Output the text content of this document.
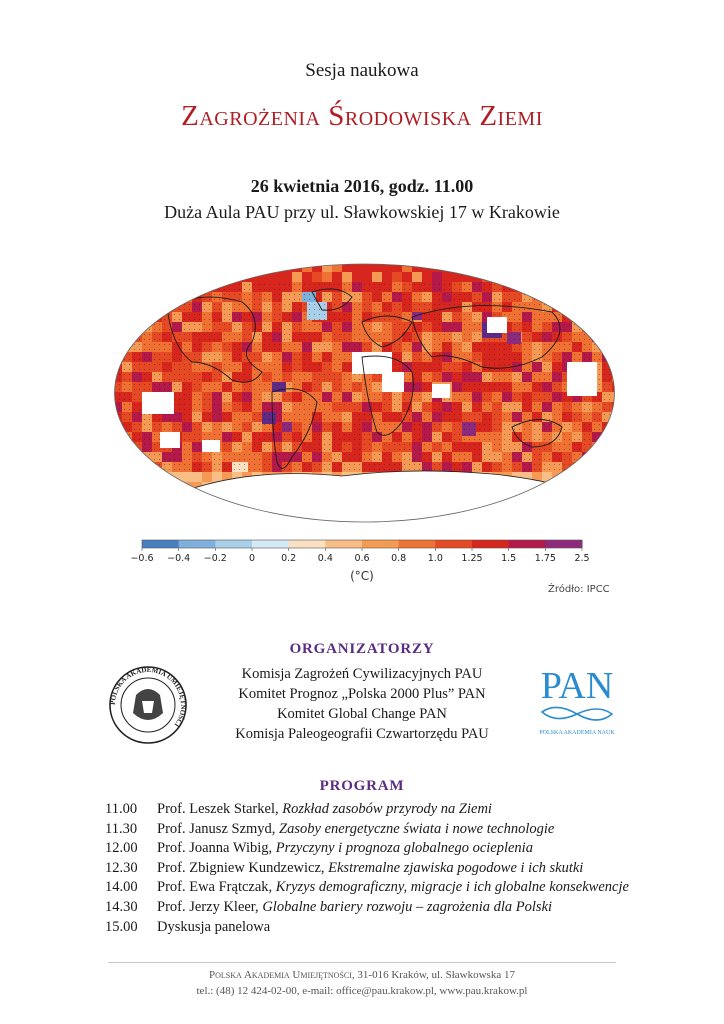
Sesja naukowa
Zagrożenia Środowiska Ziemi
26 kwietnia 2016, godz. 11.00
Duża Aula PAU przy ul. Sławkowskiej 17 w Krakowie
−0.6 −0.4 −0.2 0	0.2 0.4 0.6 0.8 1.0 1.25 1.5 1.75 2.5
(°C)
Źródło: IPCC
ORGANIZATORZY
POLSKA AKADEMIA UMIEJĘTNOŚCI
Komisja Zagrożeń Cywilizacyjnych PAU
Komitet Prognoz „Polska 2000 Plus” PAN
Komitet Global Change PAN
Komisja Paleogeografii Czwartorzędu PAU
PAN
POLSKA AKADEMIA NAUK
PROGRAM
11.00	Prof. Leszek Starkel, Rozkład zasobów przyrody na Ziemi
11.30	Prof. Janusz Szmyd, Zasoby energetyczne świata i nowe technologie
12.00	Prof. Joanna Wibig, Przyczyny i prognoza globalnego ocieplenia
12.30	Prof. Zbigniew Kundzewicz, Ekstremalne zjawiska pogodowe i ich skutki
14.00	Prof. Ewa Frątczak, Kryzys demograficzny, migracje i ich globalne konsekwencje
14.30	Prof. Jerzy Kleer, Globalne bariery rozwoju – zagrożenia dla Polski
15.00	Dyskusja panelowa
Polska Akademia Umiejętności, 31-016 Kraków, ul. Sławkowska 17
tel.: (48) 12 424-02-00, e-mail: office@pau.krakow.pl, www.pau.krakow.pl
